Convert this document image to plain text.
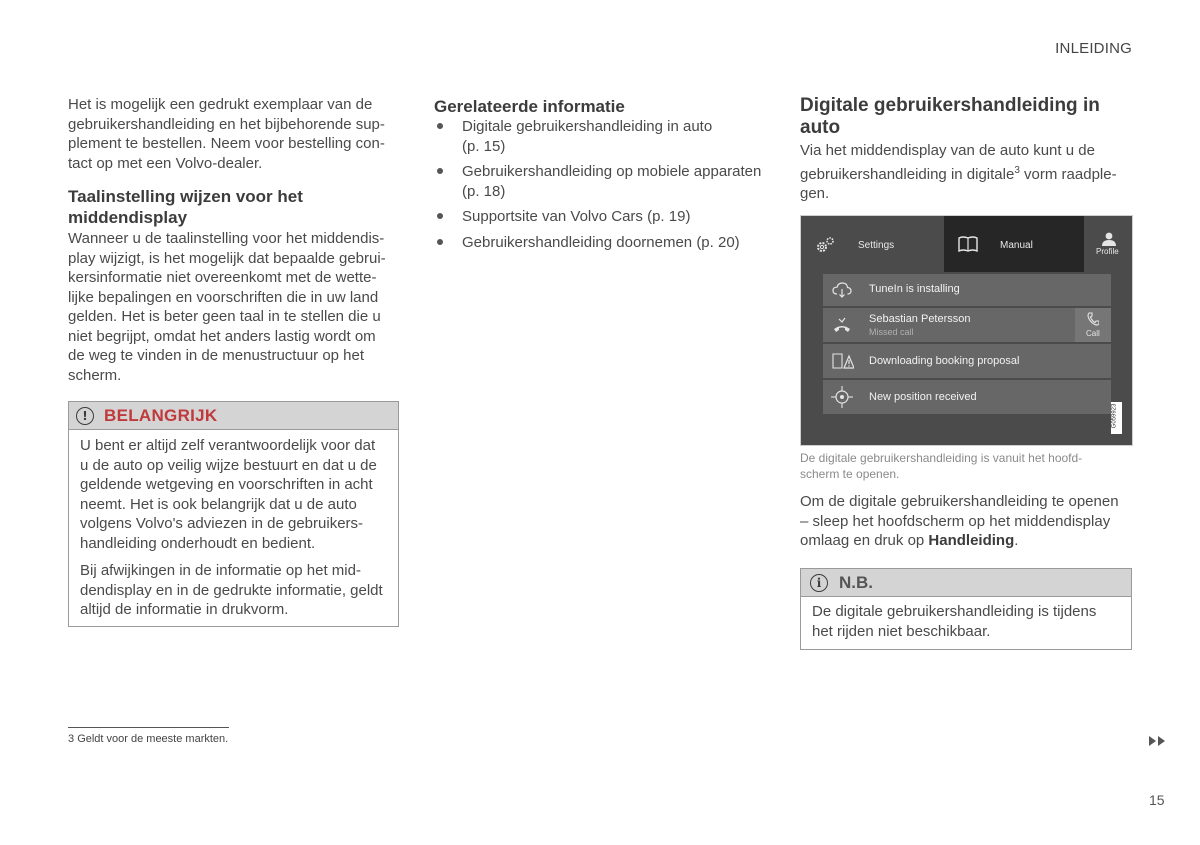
INLEIDING
Het is mogelijk een gedrukt exemplaar van de
gebruikershandleiding en het bijbehorende sup-
plement te bestellen. Neem voor bestelling con-
tact op met een Volvo-dealer.
Taalinstelling wijzen voor het
middendisplay
Wanneer u de taalinstelling voor het middendis-
play wijzigt, is het mogelijk dat bepaalde gebrui-
kersinformatie niet overeenkomt met de wette-
lijke bepalingen en voorschriften die in uw land
gelden. Het is beter geen taal in te stellen die u
niet begrijpt, omdat het anders lastig wordt om
de weg te vinden in de menustructuur op het
scherm.
! BELANGRIJK
U bent er altijd zelf verantwoordelijk voor dat
u de auto op veilig wijze bestuurt en dat u de
geldende wetgeving en voorschriften in acht
neemt. Het is ook belangrijk dat u de auto
volgens Volvo's adviezen in de gebruikers-
handleiding onderhoudt en bedient.
Bij afwijkingen in de informatie op het mid-
dendisplay en in de gedrukte informatie, geldt
altijd de informatie in drukvorm.
Gerelateerde informatie
Digitale gebruikershandleiding in auto
(p. 15)
Gebruikershandleiding op mobiele apparaten
(p. 18)
Supportsite van Volvo Cars (p. 19)
Gebruikershandleiding doornemen (p. 20)
Digitale gebruikershandleiding in
auto
Via het middendisplay van de auto kunt u de
gebruikershandleiding in digitale$^3$ vorm raadple-
gen.
Settings	Manual
Profile
TuneIn is installing
Sebastian Petersson
Missed call	Call
Downloading booking proposal
New position received
G059923
De digitale gebruikershandleiding is vanuit het hoofd-
scherm te openen.
Om de digitale gebruikershandleiding te openen
– sleep het hoofdscherm op het middendisplay
omlaag en druk op Handleiding.
i	N.B.
De digitale gebruikershandleiding is tijdens
het rijden niet beschikbaar.
3 Geldt voor de meeste markten.
15
